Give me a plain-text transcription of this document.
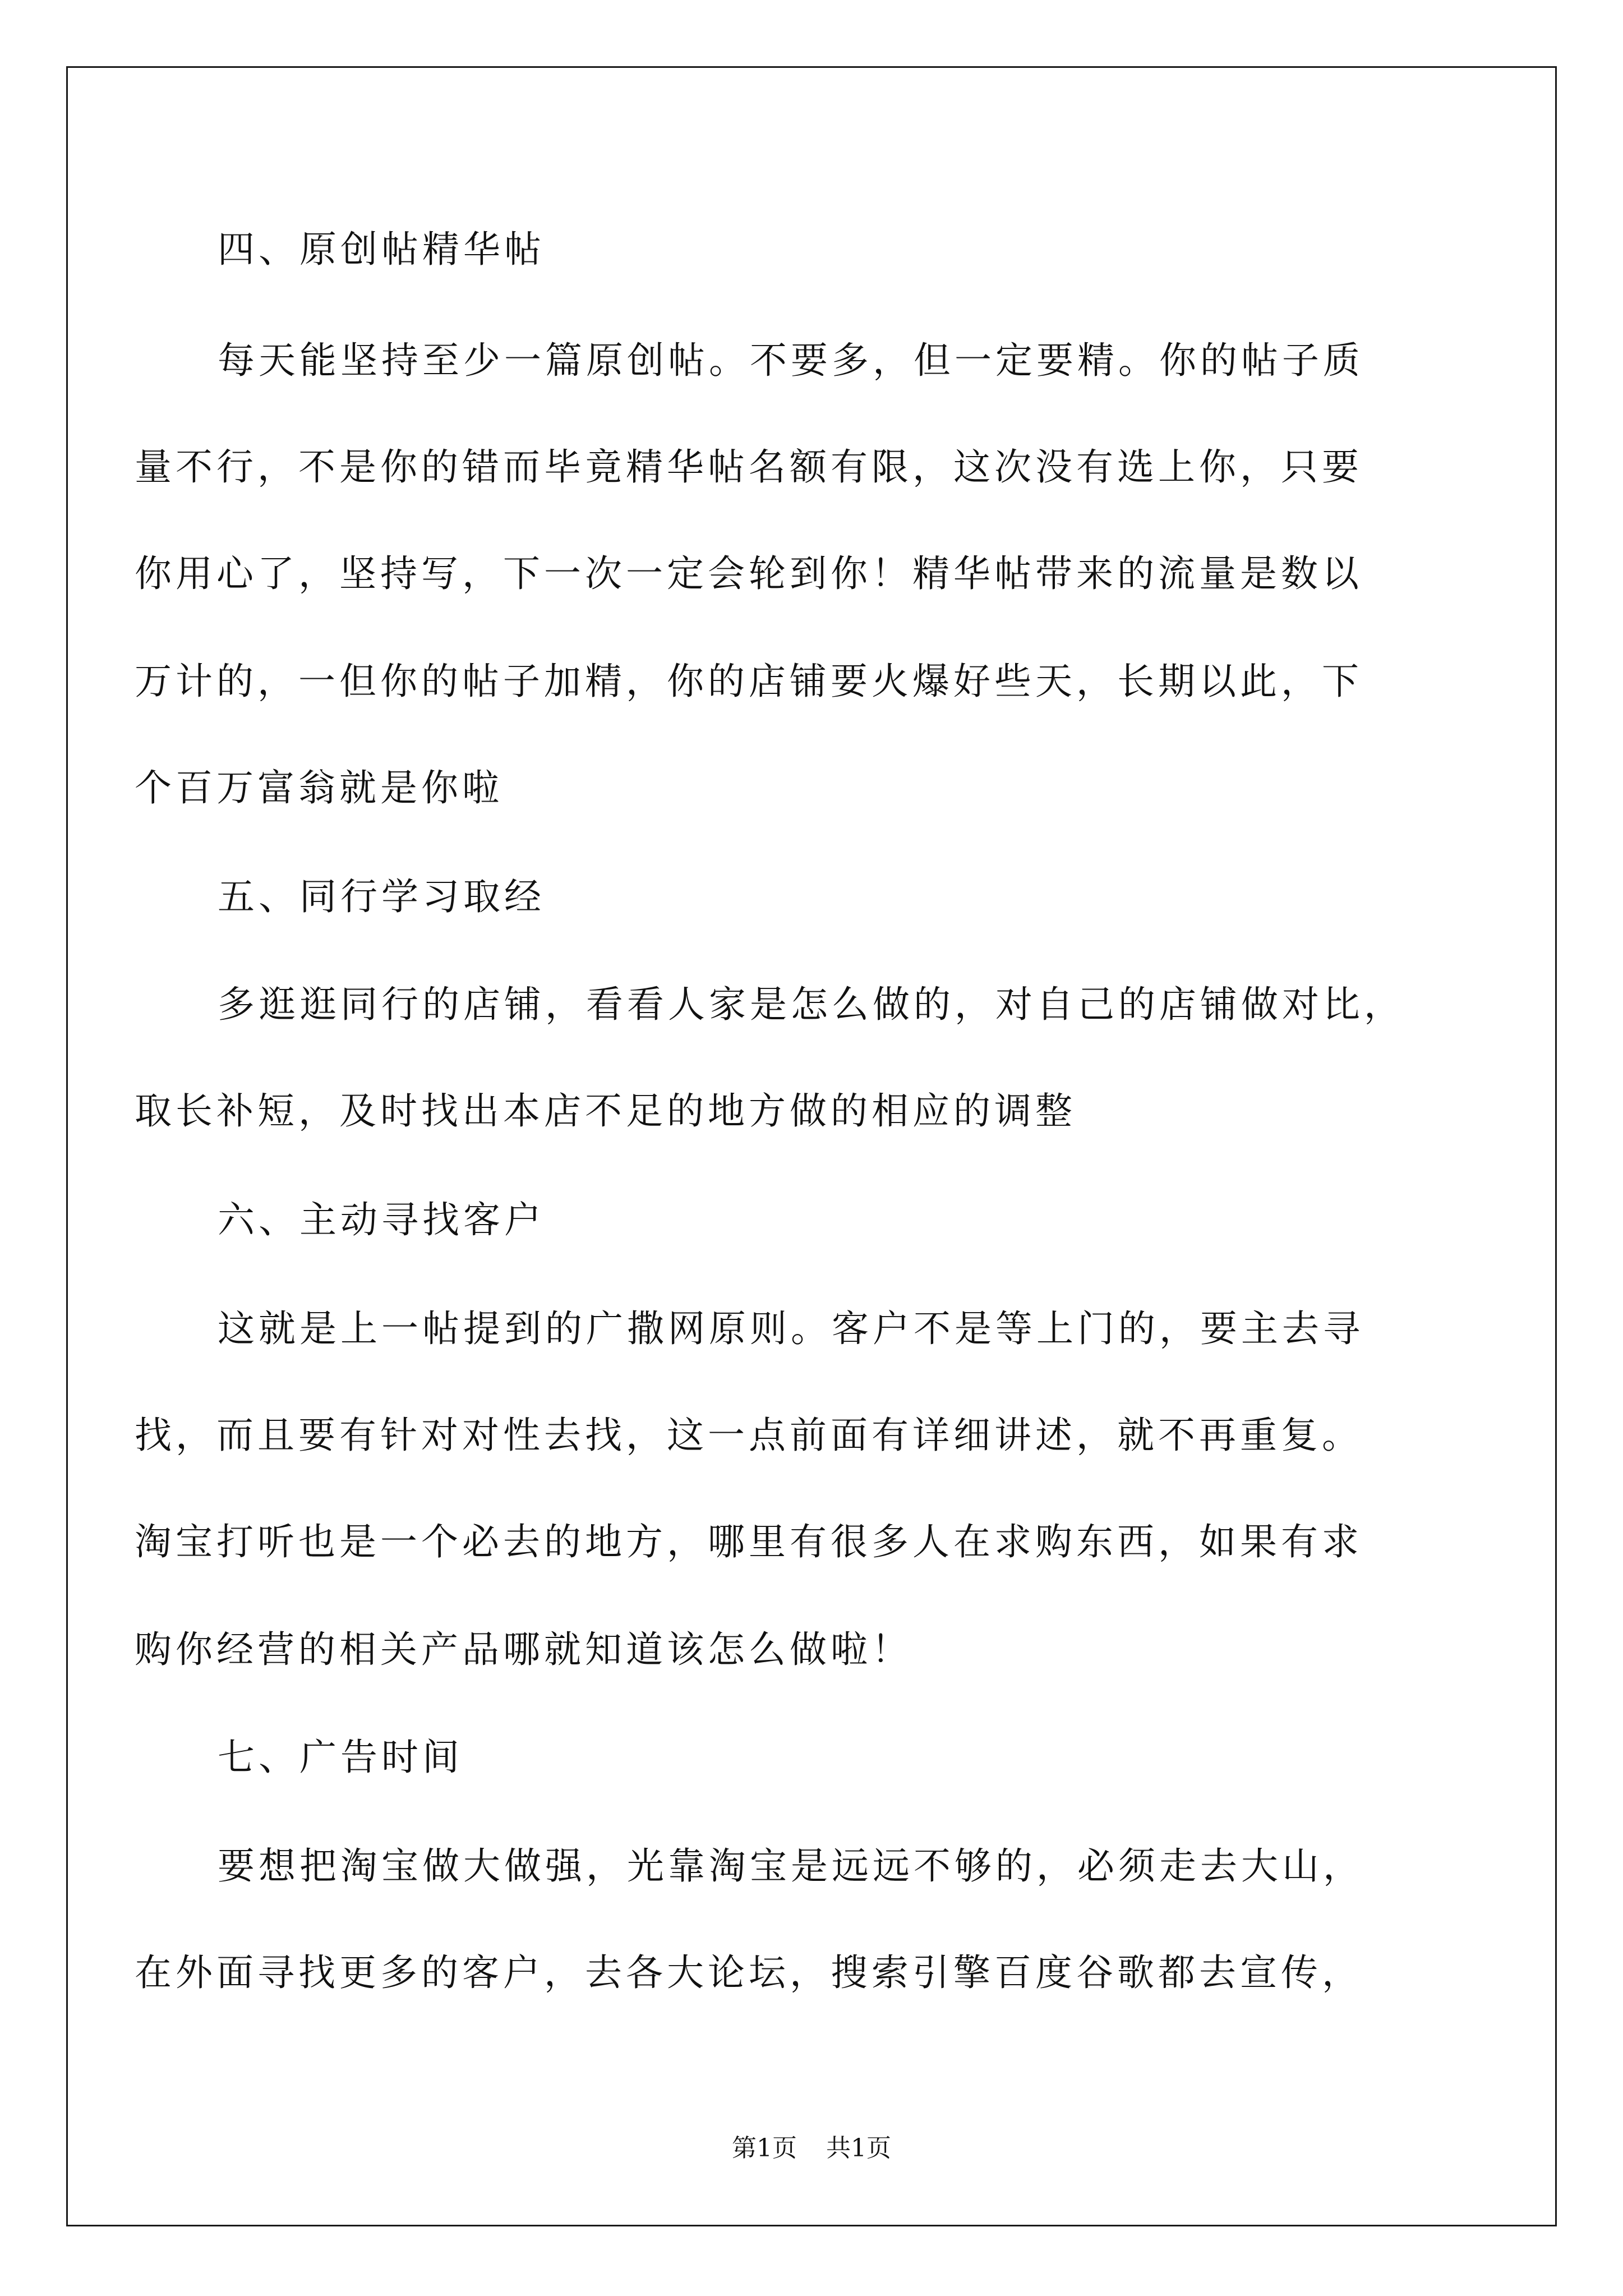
四、原创帖精华帖
每天能坚持至少一篇原创帖。不要多，但一定要精。你的帖子质
量不行，不是你的错而毕竟精华帖名额有限，这次没有选上你，只要
你用心了，坚持写，下一次一定会轮到你！精华帖带来的流量是数以
万计的，一但你的帖子加精，你的店铺要火爆好些天，长期以此，下
个百万富翁就是你啦
五、同行学习取经
多逛逛同行的店铺，看看人家是怎么做的，对自己的店铺做对比，
取长补短，及时找出本店不足的地方做的相应的调整
六、主动寻找客户
这就是上一帖提到的广撒网原则。客户不是等上门的，要主去寻
找，而且要有针对对性去找，这一点前面有详细讲述，就不再重复。
淘宝打听也是一个必去的地方，哪里有很多人在求购东西，如果有求
购你经营的相关产品哪就知道该怎么做啦！
七、广告时间
要想把淘宝做大做强，光靠淘宝是远远不够的，必须走去大山，
在外面寻找更多的客户，去各大论坛，搜索引擎百度谷歌都去宣传，
第1页 共1页
